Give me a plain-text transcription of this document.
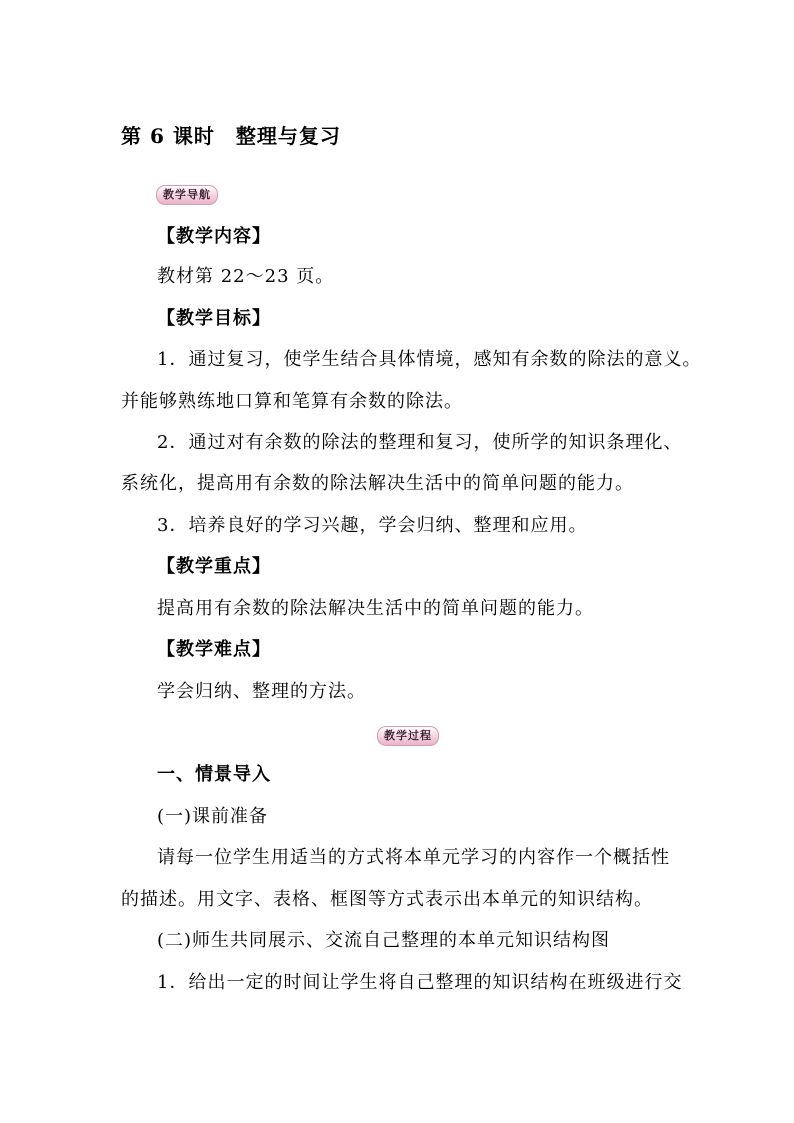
第 6 课时　整理与复习
教学导航
【教学内容】
教材第 22～23 页。
【教学目标】
1．通过复习，使学生结合具体情境，感知有余数的除法的意义。
并能够熟练地口算和笔算有余数的除法。
2．通过对有余数的除法的整理和复习，使所学的知识条理化、
系统化，提高用有余数的除法解决生活中的简单问题的能力。
3．培养良好的学习兴趣，学会归纳、整理和应用。
【教学重点】
提高用有余数的除法解决生活中的简单问题的能力。
【教学难点】
学会归纳、整理的方法。
教学过程
一、情景导入
(一)课前准备
请每一位学生用适当的方式将本单元学习的内容作一个概括性
的描述。用文字、表格、框图等方式表示出本单元的知识结构。
(二)师生共同展示、交流自己整理的本单元知识结构图
1．给出一定的时间让学生将自己整理的知识结构在班级进行交
